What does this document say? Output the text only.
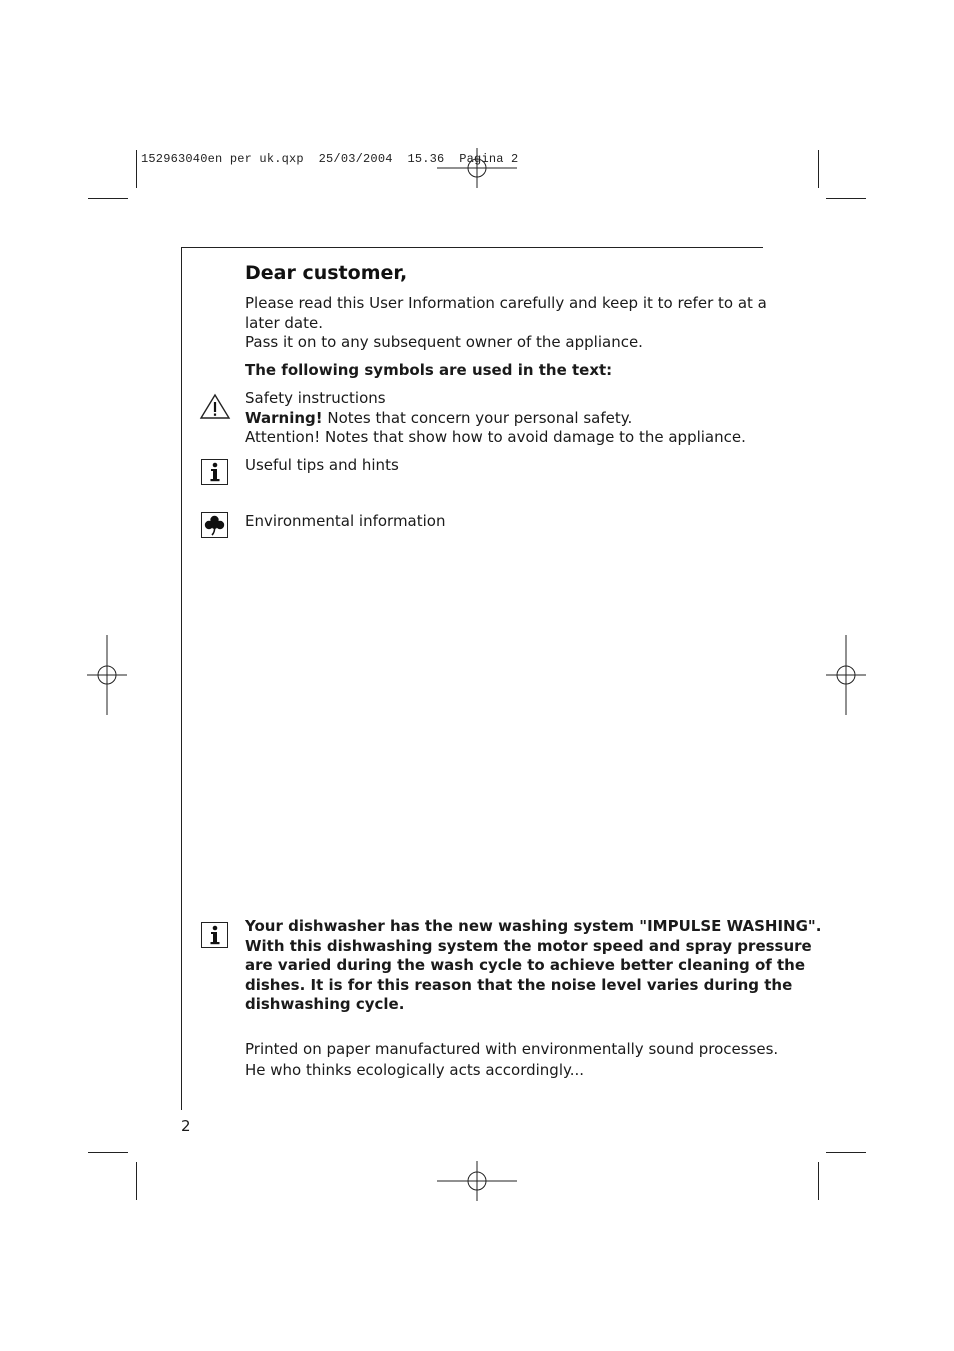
152963040en per uk.qxp  25/03/2004  15.36  Pagina 2
Dear customer,
Please read this User Information carefully and keep it to refer to at a
later date.
Pass it on to any subsequent owner of the appliance.
The following symbols are used in the text:
Safety instructions
Warning! Notes that concern your personal safety.
Attention! Notes that show how to avoid damage to the appliance.
Useful tips and hints
Environmental information
Your dishwasher has the new washing system "IMPULSE WASHING".
With this dishwashing system the motor speed and spray pressure
are varied during the wash cycle to achieve better cleaning of the
dishes. It is for this reason that the noise level varies during the
dishwashing cycle.
Printed on paper manufactured with environmentally sound processes.
He who thinks ecologically acts accordingly...
2
